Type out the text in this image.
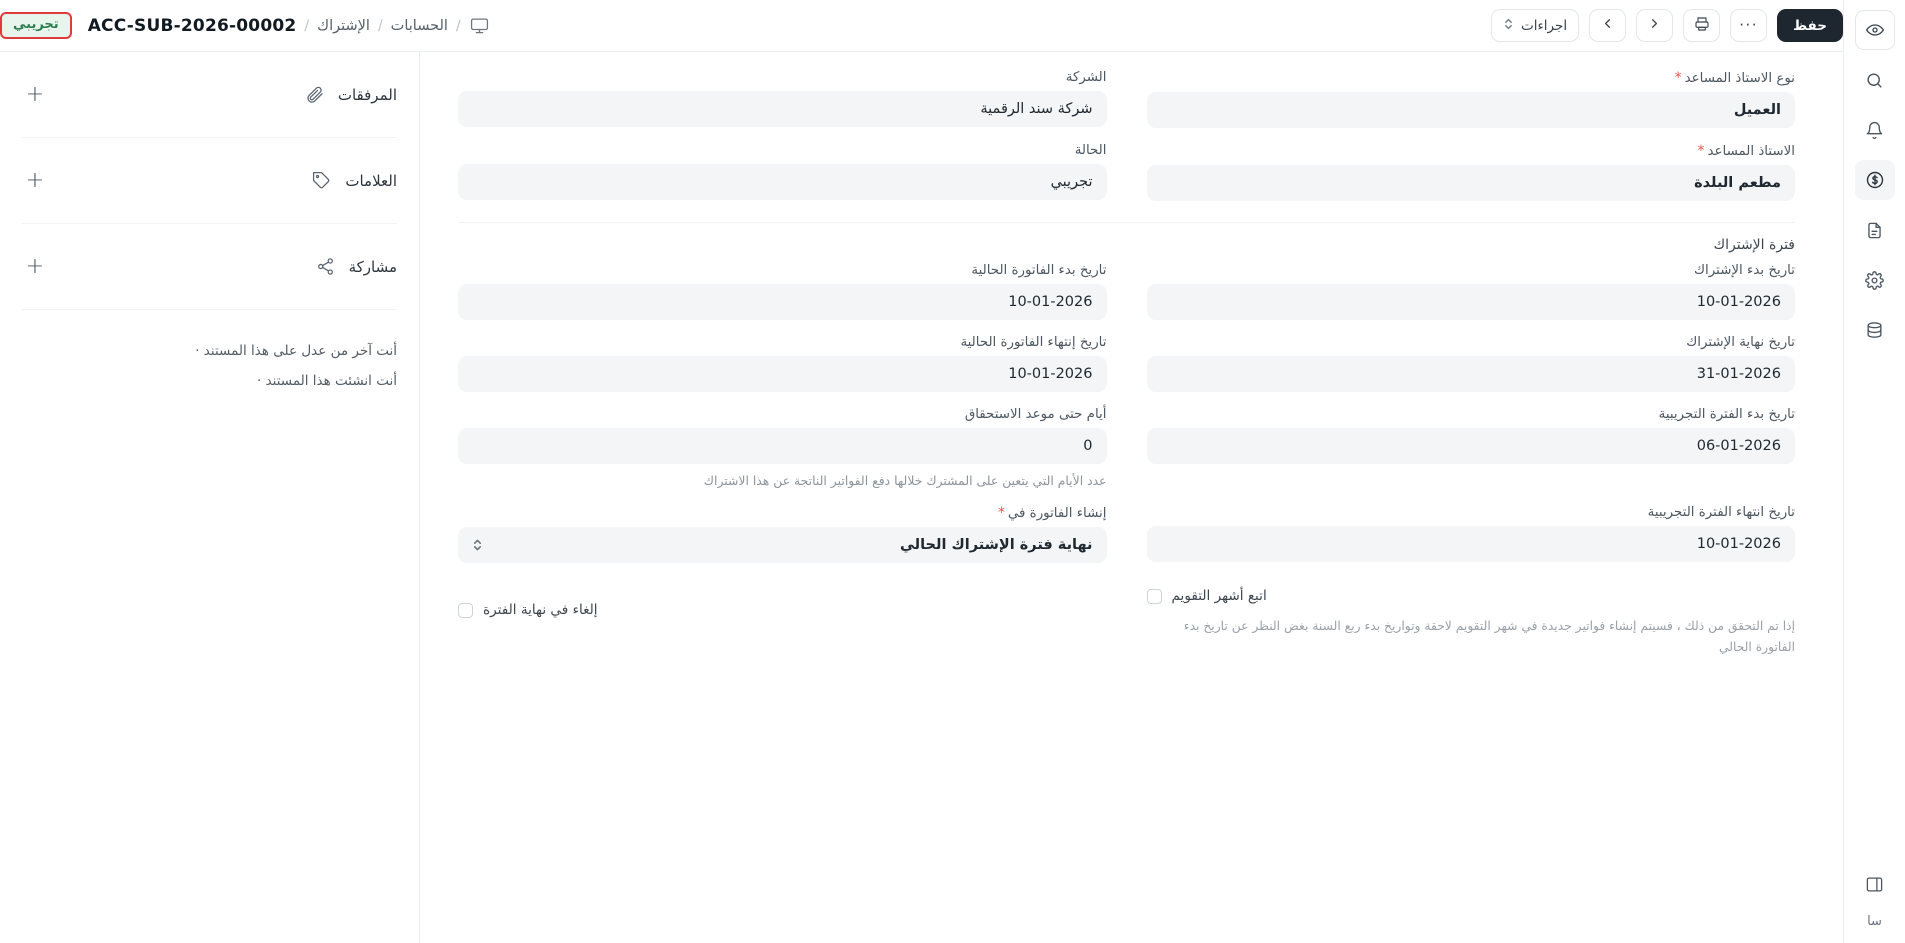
حفظ
···
اجراءات
/
الحسابات
/
الإشتراك
/
ACC-SUB-2026-00002
تجريبي
المرفقات
+
العلامات
+
مشاركة
+
أنت آخر من عدل على هذا المستند ·
أنت انشئت هذا المستند ·
نوع الاستاذ المساعد*
العميل
الشركة
شركة سند الرقمية
الاستاذ المساعد*
مطعم البلدة
الحالة
تجريبي
فترة الإشتراك
تاريخ بدء الإشتراك
10-01-2026
تاريخ بدء الفاتورة الحالية
10-01-2026
تاريخ نهاية الإشتراك
31-01-2026
تاريخ إنتهاء الفاتورة الحالية
10-01-2026
تاريخ بدء الفترة التجريبية
06-01-2026
أيام حتى موعد الاستحقاق
0
عدد الأيام التي يتعين على المشترك خلالها دفع الفواتير الناتجة عن هذا الاشتراك
تاريخ انتهاء الفترة التجريبية
10-01-2026
إنشاء الفاتورة في*
نهاية فترة الإشتراك الحالي
اتبع أشهر التقويم
إذا تم التحقق من ذلك ، فسيتم إنشاء فواتير جديدة في شهر التقويم لاحقة وتواريخ بدء ربع السنة بغض النظر عن تاريخ بدء الفاتورة الحالي
إلغاء في نهاية الفترة
سا
